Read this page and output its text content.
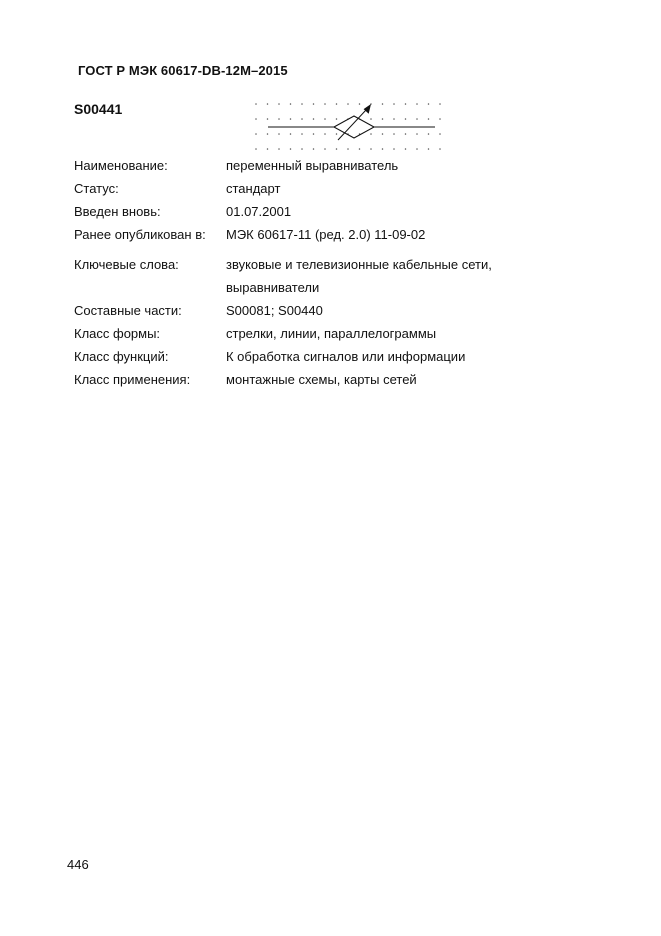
ГОСТ Р МЭК 60617-DB-12M–2015
S00441
Наименование:	переменный выравниватель
Статус:	стандарт
Введен вновь:	01.07.2001
Ранее опубликован в:	МЭК 60617-11 (ред. 2.0) 11-09-02
Ключевые слова:	звуковые и телевизионные кабельные сети,
выравниватели
Составные части:	S00081; S00440
Класс формы:	стрелки, линии, параллелограммы
Класс функций:	К обработка сигналов или информации
Класс применения:	монтажные схемы, карты сетей
446
